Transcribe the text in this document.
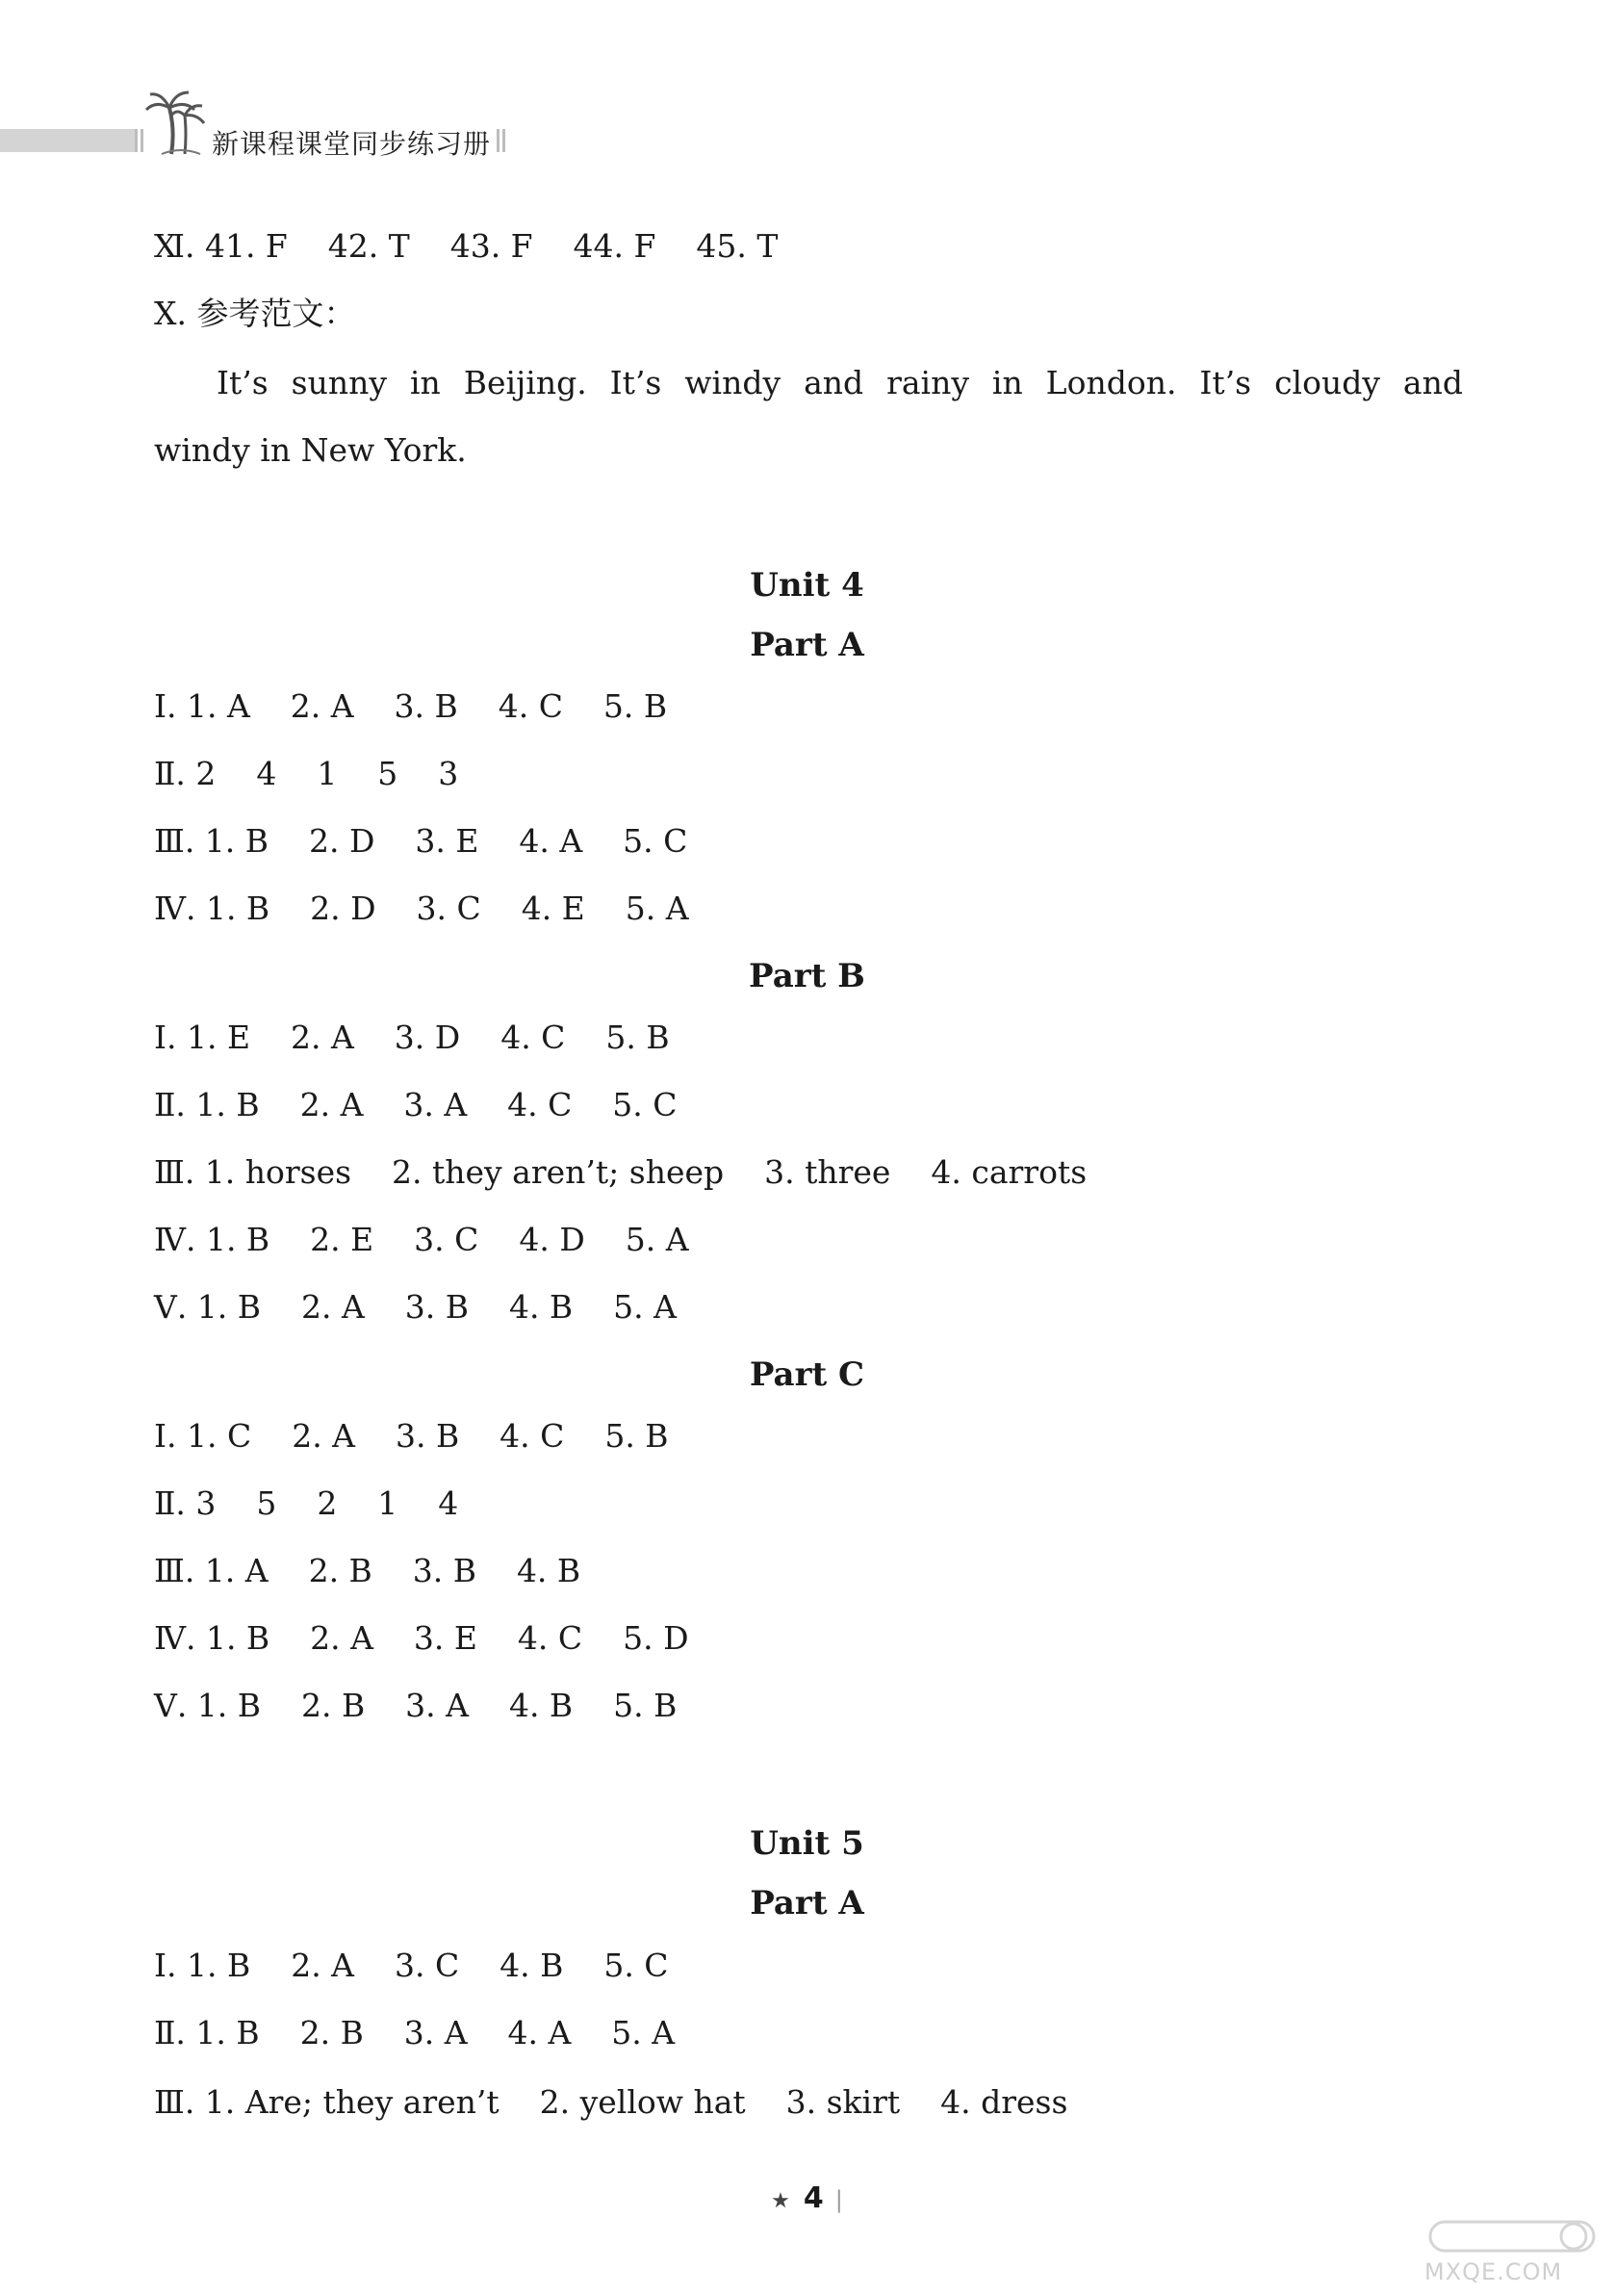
新课程课堂同步练习册
Ⅺ. 41. F    42. T    43. F    44. F    45. T
Ⅹ. 参考范文：
It’s sunny in Beijing. It’s windy and rainy in London. It’s cloudy and
windy in New York.
Unit 4
Part A
Ⅰ. 1. A    2. A    3. B    4. C    5. B
Ⅱ. 2    4    1    5    3
Ⅲ. 1. B    2. D    3. E    4. A    5. C
Ⅳ. 1. B    2. D    3. C    4. E    5. A
Part B
Ⅰ. 1. E    2. A    3. D    4. C    5. B
Ⅱ. 1. B    2. A    3. A    4. C    5. C
Ⅲ. 1. horses    2. they aren’t; sheep    3. three    4. carrots
Ⅳ. 1. B    2. E    3. C    4. D    5. A
Ⅴ. 1. B    2. A    3. B    4. B    5. A
Part C
Ⅰ. 1. C    2. A    3. B    4. C    5. B
Ⅱ. 3    5    2    1    4
Ⅲ. 1. A    2. B    3. B    4. B
Ⅳ. 1. B    2. A    3. E    4. C    5. D
Ⅴ. 1. B    2. B    3. A    4. B    5. B
Unit 5
Part A
Ⅰ. 1. B    2. A    3. C    4. B    5. C
Ⅱ. 1. B    2. B    3. A    4. A    5. A
Ⅲ. 1. Are; they aren’t    2. yellow hat    3. skirt    4. dress
★ 4 |
MXQE.COM
